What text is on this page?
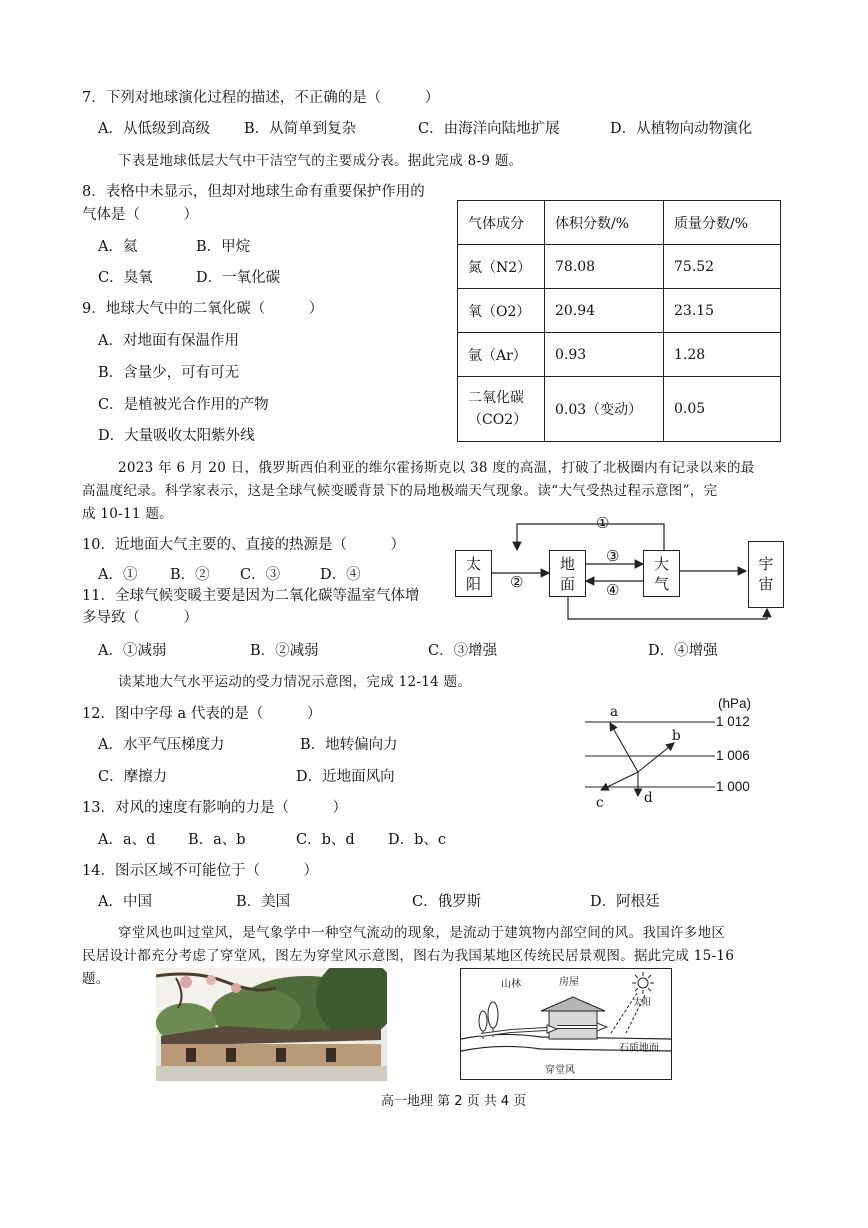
7．下列对地球演化过程的描述，不正确的是（　　　）
A．从低级到高级 B．从简单到复杂	C．由海洋向陆地扩展	D．从植物向动物演化
下表是地球低层大气中干洁空气的主要成分表。据此完成 8-9 题。
8．表格中未显示，但却对地球生命有重要保护作用的
气体是（　　　）
A．氦	B．甲烷
C．臭氧	D．一氧化碳
9．地球大气中的二氧化碳（　　　）
A．对地面有保温作用
B．含量少，可有可无
C．是植被光合作用的产物
D．大量吸收太阳紫外线
气体成分	体积分数/%	质量分数/%
氮（N2）	78.08	75.52
氧（O2）	20.94	23.15
氩（Ar）	0.93	1.28

二氧化碳
（CO2）	0.03（变动）	0.05
2023 年 6 月 20 日，俄罗斯西伯利亚的维尔霍扬斯克以 38 度的高温，打破了北极圈内有记录以来的最
高温度纪录。科学家表示，这是全球气候变暖背景下的局地极端天气现象。读“大气受热过程示意图”，完
成 10-11 题。
10．近地面大气主要的、直接的热源是（　　　）
A．① B．② C．③	D．④
11．全球气候变暖主要是因为二氧化碳等温室气体增
多导致（　　　）
A．①减弱	B．②减弱	C．③增强	D．④增强
太
阳
地
面
大
气
宇
宙
①
②
③
④
读某地大气水平运动的受力情况示意图，完成 12-14 题。
12．图中字母 a 代表的是（　　　）
A．水平气压梯度力	B．地转偏向力
C．摩擦力	D．近地面风向
13．对风的速度有影响的力是（　　　）
A．a、d B．a、b	C．b、d D．b、c
14．图示区域不可能位于（　　　）
A．中国	B．美国	C．俄罗斯	D．阿根廷
(hPa)
1 012
1 006
1 000
a
b
c	d
穿堂风也叫过堂风，是气象学中一种空气流动的现象，是流动于建筑物内部空间的风。我国许多地区
民居设计都充分考虑了穿堂风，图左为穿堂风示意图，图右为我国某地区传统民居景观图。据此完成 15-16
题。	山林	房屋
太阳
石质地面
穿堂风
高一地理 第 2 页 共 4 页
